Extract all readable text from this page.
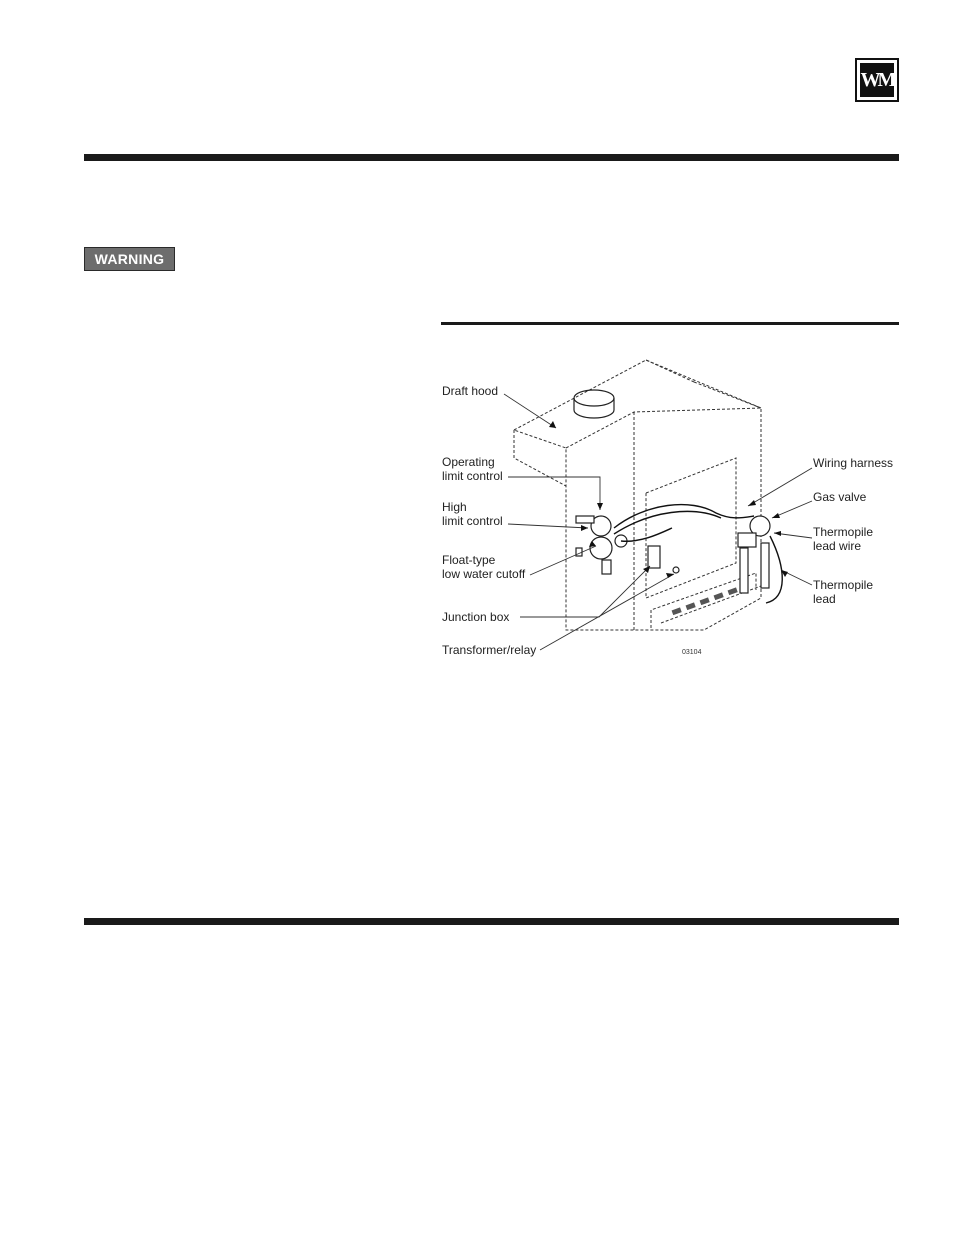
WM
WARNING
Draft hood
Operating
limit control
High
limit control
Float-type
low water cutoff
Junction box
Transformer/relay
Wiring harness
Gas valve
Thermopile
lead wire
Thermopile
lead
03104
